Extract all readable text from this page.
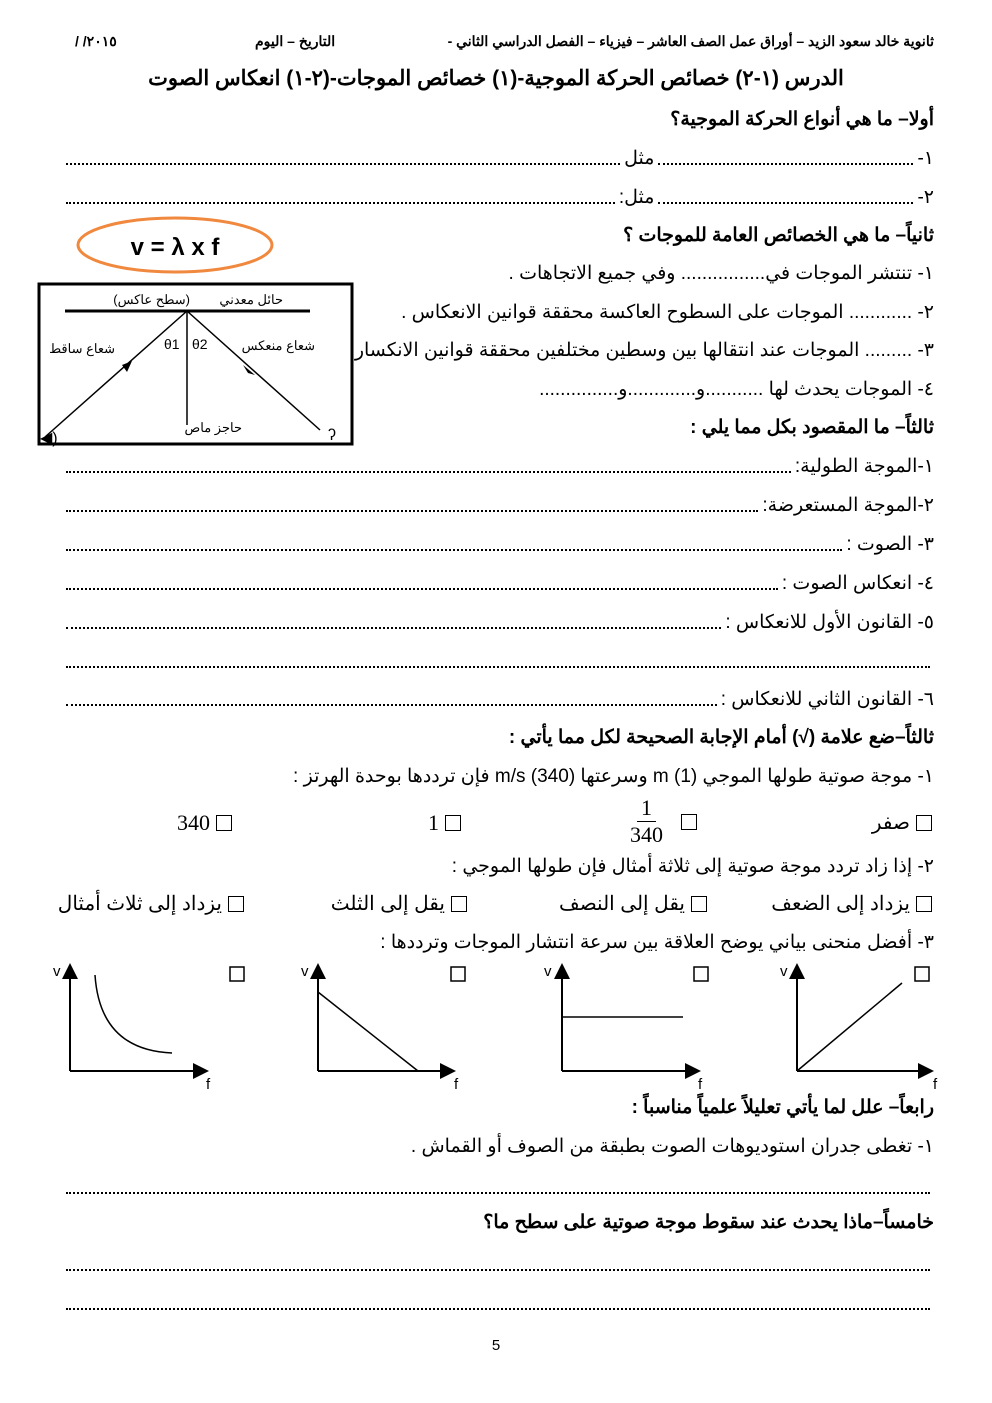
ثانوية خالد سعود الزيد – أوراق عمل الصف العاشر – فيزياء – الفصل الدراسي الثاني -
التاريخ – اليوم
/ /٢٠١٥
الدرس (١-٢) خصائص الحركة الموجية-(١) خصائص الموجات-(٢-١) انعكاس الصوت
أولا– ما هي أنواع الحركة الموجية؟
١-
مثل
٢-
مثل:
v = λ x f
حائل معدني
(سطح عاكس)
شعاع ساقط	شعاع منعكس
θ1 θ2
حاجز ماص
◀)	ʔ
ثانياً– ما هي الخصائص العامة للموجات ؟
١- تنتشر الموجات في................ وفي جميع الاتجاهات .
٢- ............ الموجات على السطوح العاكسة محققة قوانين الانعكاس .
٣- ......... الموجات عند انتقالها بين وسطين مختلفين محققة قوانين الانكسار
٤- الموجات يحدث لها ...........و.............و...............
ثالثاً– ما المقصود بكل مما يلي :
١-الموجة الطولية:
٢-الموجة المستعرضة:
٣- الصوت :
٤- انعكاس الصوت :
٥- القانون الأول للانعكاس :
٦- القانون الثاني للانعكاس :
ثالثاً–ضع علامة (√) أمام الإجابة الصحيحة لكل مما يأتي :
١- موجة صوتية طولها الموجي m (1) وسرعتها m/s (340) فإن ترددها بوحدة الهرتز :
صفر
1
340
1
340
٢- إذا زاد تردد موجة صوتية إلى ثلاثة أمثال فإن طولها الموجي :
يزداد إلى الضعف
يقل إلى النصف
يقل إلى الثلث
يزداد إلى ثلاث أمثال
٣- أفضل منحنى بياني يوضح العلاقة بين سرعة انتشار الموجات وترددها :
v
f
v
f
v
f
v
f
رابعاً– علل لما يأتي تعليلاً علمياً مناسباً :
١- تغطى جدران استوديوهات الصوت بطبقة من الصوف أو القماش .
خامساً–ماذا يحدث عند سقوط موجة صوتية على سطح ما؟
5
